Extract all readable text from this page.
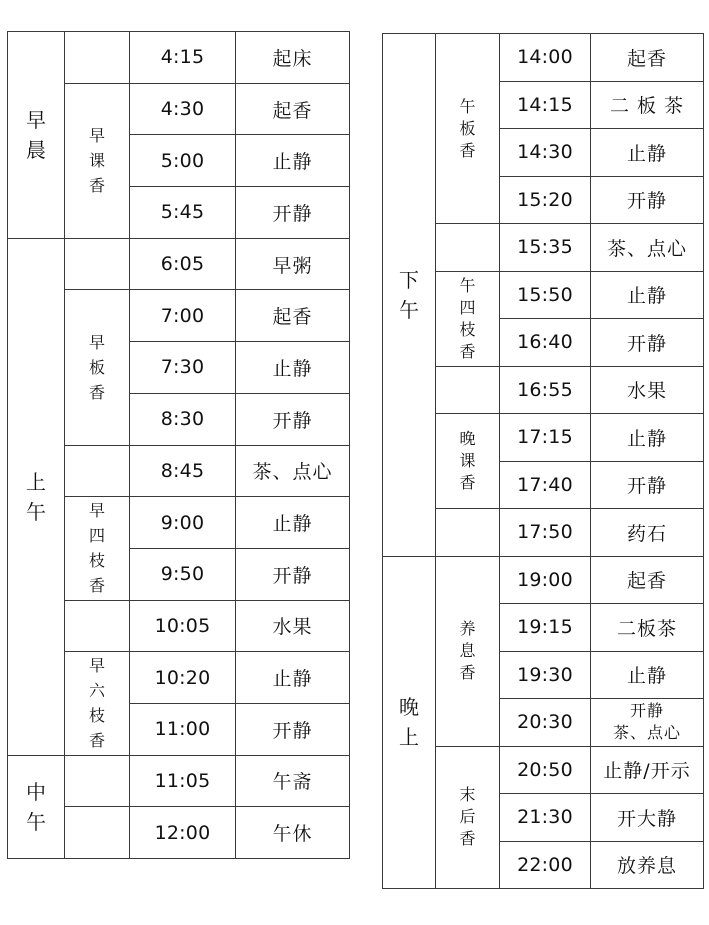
早晨		4:15	起床
	早课香	4:30	起香
		5:00	止静
		5:45	开静
上午		6:05	早粥
	早板香	7:00	起香
		7:30	止静
		8:30	开静
		8:45	茶、点心
	早四枝香	9:00	止静
		9:50	开静
		10:05	水果
	早六枝香	10:20	止静
		11:00	开静
中午		11:05	午斋
		12:00	午休
下午	午板香	14:00	起香
		14:15	二 板 茶
		14:30	止静
		15:20	开静
		15:35	茶、点心
	午四枝香	15:50	止静
		16:40	开静
		16:55	水果
	晚课香	17:15	止静
		17:40	开静
		17:50	药石
晚上	养息香	19:00	起香
		19:15	二板茶
		19:30	止静
		20:30	开静
茶、点心

	末后香	20:50	止静/开示
		21:30	开大静
		22:00	放养息
